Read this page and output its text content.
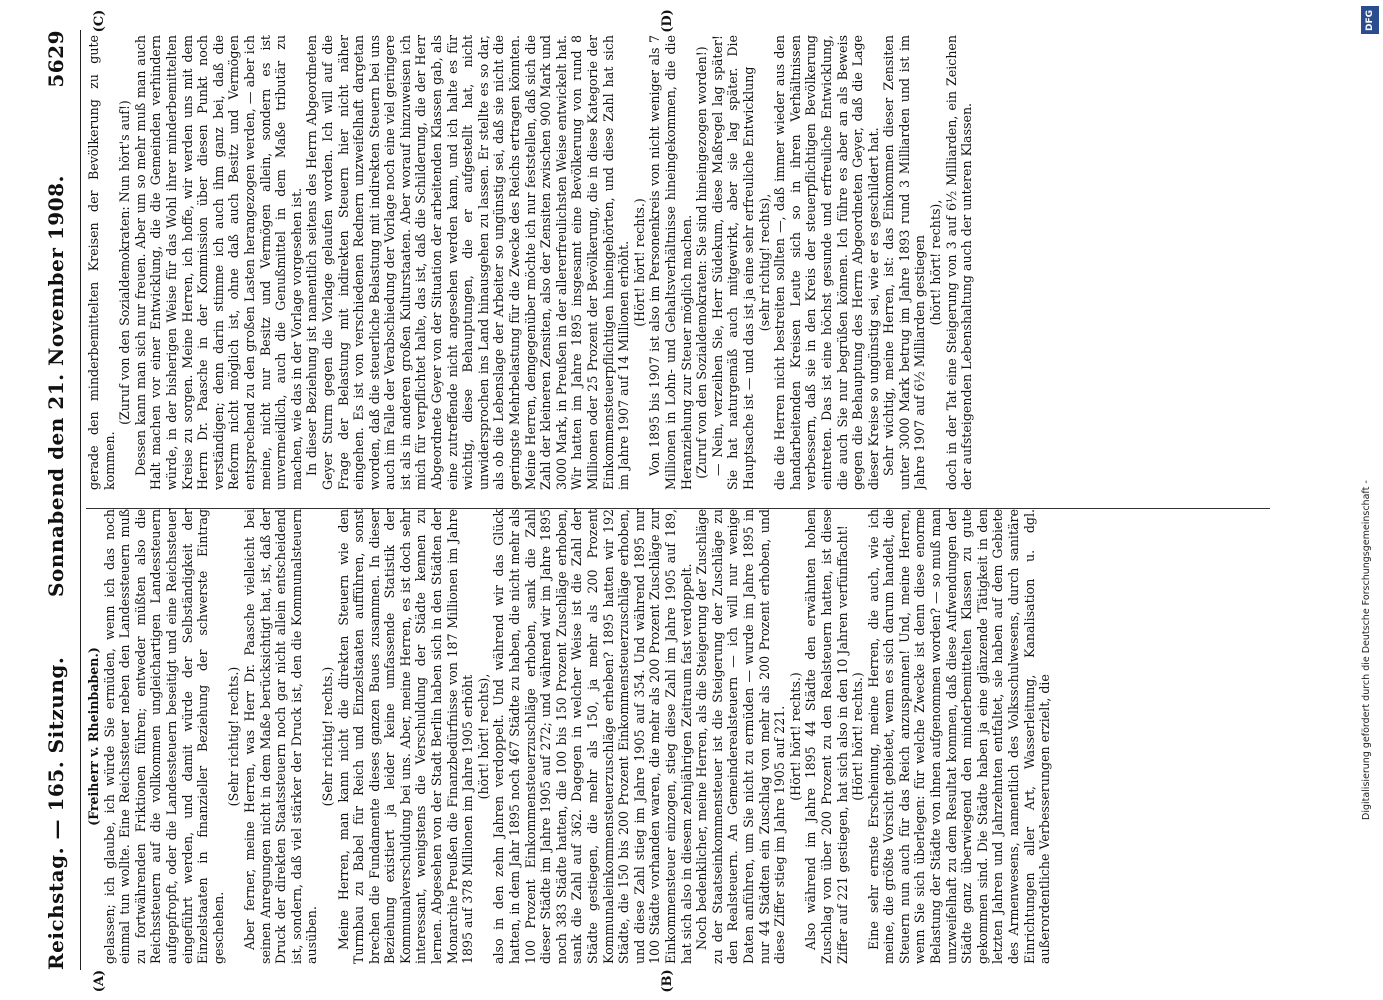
Reichstag. — 165. Sitzung.        Sonnabend den 21. November 1908.
5629
(A)	(B)
(C)	(D)

(Freiherr v. Rheinbaben.) gelassen; ich glaube, ich würde Sie ermüden, wenn ich das noch einmal tun wollte. Eine Reichssteuer neben den Landessteuern muß zu fortwährenden Friktionen führen; entweder müßten also die Reichssteuern auf die vollkommen ungleichartigen Landessteuern aufgepfropft, oder die Landessteuern beseitigt und eine Reichssteuer eingeführt werden, und damit würde der Selbständigkeit der Einzelstaaten in finanzieller Beziehung der schwerste Eintrag geschehen.

(Sehr richtig! rechts.) Aber ferner, meine Herren, was Herr Dr. Paasche vielleicht bei seinen Anregungen nicht in dem Maße berücksichtigt hat, ist, daß der Druck der direkten Staatssteuern noch gar nicht allein entscheidend ist, sondern, daß viel stärker der Druck ist, den die Kommunalsteuern ausüben.

(Sehr richtig! rechts.) Meine Herren, man kann nicht die direkten Steuern wie den Turmbau zu Babel für Reich und Einzelstaaten aufführen, sonst brechen die Fundamente dieses ganzen Baues zusammen. In dieser Beziehung existiert ja leider keine umfassende Statistik der Kommunalverschuldung bei uns. Aber, meine Herren, es ist doch sehr interessant, wenigstens die Verschuldung der Städte kennen zu lernen. Abgesehen von der Stadt Berlin haben sich in den Städten der Monarchie Preußen die Finanzbedürfnisse von 187 Millionen im Jahre 1895 auf 378 Millionen im Jahre 1905 erhöht (hört! hört! rechts), also in den zehn Jahren verdoppelt. Und während wir das Glück hatten, in dem Jahr 1895 noch 467 Städte zu haben, die nicht mehr als 100 Prozent Einkommensteuerzuschläge erhoben, sank die Zahl dieser Städte im Jahre 1905 auf 272; und während wir im Jahre 1895 noch 383 Städte hatten, die 100 bis 150 Prozent Zuschläge erhoben, sank die Zahl auf 362. Dagegen in welcher Weise ist die Zahl der Städte gestiegen, die mehr als 150, ja mehr als 200 Prozent Kommunaleinkommensteuerzuschläge erheben? 1895 hatten wir 192 Städte, die 150 bis 200 Prozent Einkommensteuerzuschläge erhoben, und diese Zahl stieg im Jahre 1905 auf 354. Und während 1895 nur 100 Städte vorhanden waren, die mehr als 200 Prozent Zuschläge zur Einkommensteuer einzogen, stieg diese Zahl im Jahre 1905 auf 189, hat sich also in diesem zehnjährigen Zeitraum fast verdoppelt. Noch bedenklicher, meine Herren, als die Steigerung der Zuschläge zu der Staatseinkommensteuer ist die Steigerung der Zuschläge zu den Realsteuern. An Gemeinderealsteuern — ich will nur wenige Daten anführen, um Sie nicht zu ermüden — wurde im Jahre 1895 in nur 44 Städten ein Zuschlag von mehr als 200 Prozent erhoben, und diese Ziffer stieg im Jahre 1905 auf 221. (Hört! hört! rechts.) Also während im Jahre 1895 44 Städte den erwähnten hohen Zuschlag von über 200 Prozent zu den Realsteuern hatten, ist diese Ziffer auf 221 gestiegen, hat sich also in den 10 Jahren verfünffacht! (Hört! hört! rechts.) Eine sehr ernste Erscheinung, meine Herren, die auch, wie ich meine, die größte Vorsicht gebietet, wenn es sich darum handelt, die Steuern nun auch für das Reich anzuspannen! Und, meine Herren, wenn Sie sich überlegen: für welche Zwecke ist denn diese enorme Belastung der Städte von ihnen aufgenommen worden? — so muß man unzweifelhaft zu dem Resultat kommen, daß diese Aufwendungen der Städte ganz überwiegend den minderbemittelten Klassen zu gute gekommen sind. Die Städte haben ja eine glänzende Tätigkeit in den letzten Jahren und Jahrzehnten entfaltet, sie haben auf dem Gebiete des Armenwesens, namentlich des Volksschulwesens, durch sanitäre Einrichtungen aller Art, Wasserleitung, Kanalisation u. dgl. außerordentliche Verbesserungen erzielt, die

gerade den minderbemittelten Kreisen der Bevölkerung zu gute kommen.

(Zuruf von den Sozialdemokraten: Nun hört's auf!) Dessen kann man sich nur freuen. Aber um so mehr muß man auch Halt machen vor einer Entwicklung, die die Gemeinden verhindern würde, in der bisherigen Weise für das Wohl ihrer minderbemittelten Kreise zu sorgen. Meine Herren, ich hoffe, wir werden uns mit dem Herrn Dr. Paasche in der Kommission über diesen Punkt noch verständigen; denn darin stimme ich auch ihm ganz bei, daß die Reform nicht möglich ist, ohne daß auch Besitz und Vermögen entsprechend zu den großen Lasten herangezogen werden, — aber ich meine, nicht nur Besitz und Vermögen allein, sondern es ist unvermeidlich, auch die Genußmittel in dem Maße tributär zu machen, wie das in der Vorlage vorgesehen ist. In dieser Beziehung ist namentlich seitens des Herrn Abgeordneten Geyer Sturm gegen die Vorlage gelaufen worden. Ich will auf die Frage der Belastung mit indirekten Steuern hier nicht näher eingehen. Es ist von verschiedenen Rednern unzweifelhaft dargetan worden, daß die steuerliche Belastung mit indirekten Steuern bei uns auch im Falle der Verabschiedung der Vorlage noch eine viel geringere ist als in anderen großen Kulturstaaten. Aber worauf hinzuweisen ich mich für verpflichtet halte, das ist, daß die Schilderung, die der Herr Abgeordnete Geyer von der Situation der arbeitenden Klassen gab, als eine zutreffende nicht angesehen werden kann, und ich halte es für wichtig, diese Behauptungen, die er aufgestellt hat, nicht unwidersprochen ins Land hinausgehen zu lassen. Er stellte es so dar, als ob die Lebenslage der Arbeiter so ungünstig sei, daß sie nicht die geringste Mehrbelastung für die Zwecke des Reichs ertragen könnten. Meine Herren, demgegenüber möchte ich nur feststellen, daß sich die Zahl der kleineren Zensiten, also der Zensiten zwischen 900 Mark und 3000 Mark, in Preußen in der allererfreulichsten Weise entwickelt hat. Wir hatten im Jahre 1895 insgesamt eine Bevölkerung von rund 8 Millionen oder 25 Prozent der Bevölkerung, die in diese Kategorie der Einkommensteuerpflichtigen hineingehörten, und diese Zahl hat sich im Jahre 1907 auf 14 Millionen erhöht. (Hört! hört! rechts.) Von 1895 bis 1907 ist also im Personenkreis von nicht weniger als 7 Millionen in Lohn- und Gehaltsverhältnisse hineingekommen, die die Heranziehung zur Steuer möglich machen. (Zuruf von den Sozialdemokraten: Sie sind hineingezogen worden!) — Nein, verzeihen Sie, Herr Südekum, diese Maßregel lag später! Sie hat naturgemäß auch mitgewirkt, aber sie lag später. Die Hauptsache ist — und das ist ja eine sehr erfreuliche Entwicklung (sehr richtig! rechts), die die Herren nicht bestreiten sollten —, daß immer wieder aus den handarbeitenden Kreisen Leute sich so in ihren Verhältnissen verbessern, daß sie in den Kreis der steuerpflichtigen Bevölkerung eintreten. Das ist eine höchst gesunde und erfreuliche Entwicklung, die auch Sie nur begrüßen können. Ich führe es aber an als Beweis gegen die Behauptung des Herrn Abgeordneten Geyer, daß die Lage dieser Kreise so ungünstig sei, wie er es geschildert hat. Sehr wichtig, meine Herren, ist: das Einkommen dieser Zensiten unter 3000 Mark betrug im Jahre 1893 rund 3 Milliarden und ist im Jahre 1907 auf 6½ Milliarden gestiegen (hört! hört! rechts), doch in der Tat eine Steigerung von 3 auf 6½ Milliarden, ein Zeichen der aufsteigenden Lebenshaltung auch der unteren Klassen.

DFG
Digitalisierung gefördert durch die Deutsche Forschungsgemeinschaft -
